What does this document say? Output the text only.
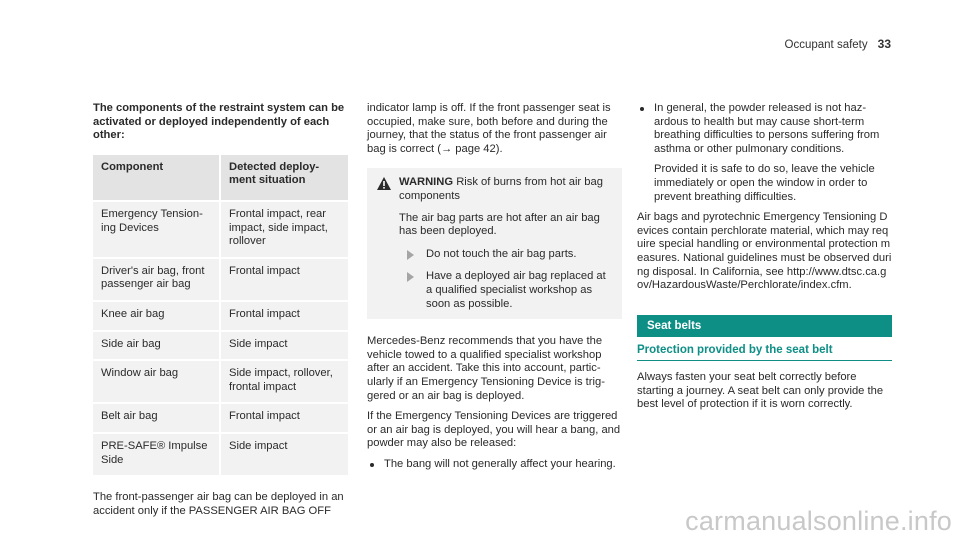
Occupant safety 33

The components of the restraint system can be activated or deployed independently of each other:

Component	Detected deployment situation
Emergency Tensioning Devices	Frontal impact, rear impact, side impact, rollover
Driver's air bag, front passenger air bag	Frontal impact
Knee air bag	Frontal impact
Side air bag	Side impact
Window air bag	Side impact, rollover, frontal impact
Belt air bag	Frontal impact
PRE-SAFE® Impulse Side	Side impact

The front-passenger air bag can be deployed in an accident only if the PASSENGER AIR BAG OFF

indicator lamp is off. If the front passenger seat is occupied, make sure, both before and during the journey, that the status of the front passenger air bag is correct (→ page 42).

WARNING Risk of burns from hot air bag components
The air bag parts are hot after an air bag has been deployed.
Do not touch the air bag parts.
Have a deployed air bag replaced at a qualified specialist workshop as soon as possible.

Mercedes-Benz recommends that you have the vehicle towed to a qualified specialist workshop after an accident. Take this into account, particularly if an Emergency Tensioning Device is triggered or an air bag is deployed.

If the Emergency Tensioning Devices are triggered or an air bag is deployed, you will hear a bang, and powder may also be released:

The bang will not generally affect your hearing.
In general, the powder released is not hazardous to health but may cause short-term breathing difficulties to persons suffering from asthma or other pulmonary conditions.

Provided it is safe to do so, leave the vehicle immediately or open the window in order to prevent breathing difficulties.

Air bags and pyrotechnic Emergency Tensioning Devices contain perchlorate material, which may require special handling or environmental protection measures. National guidelines must be observed during disposal. In California, see http://www.dtsc.ca.gov/HazardousWaste/Perchlorate/index.cfm.

Seat belts
Protection provided by the seat belt

Always fasten your seat belt correctly before starting a journey. A seat belt can only provide the best level of protection if it is worn correctly.

carmanualsonline.info
